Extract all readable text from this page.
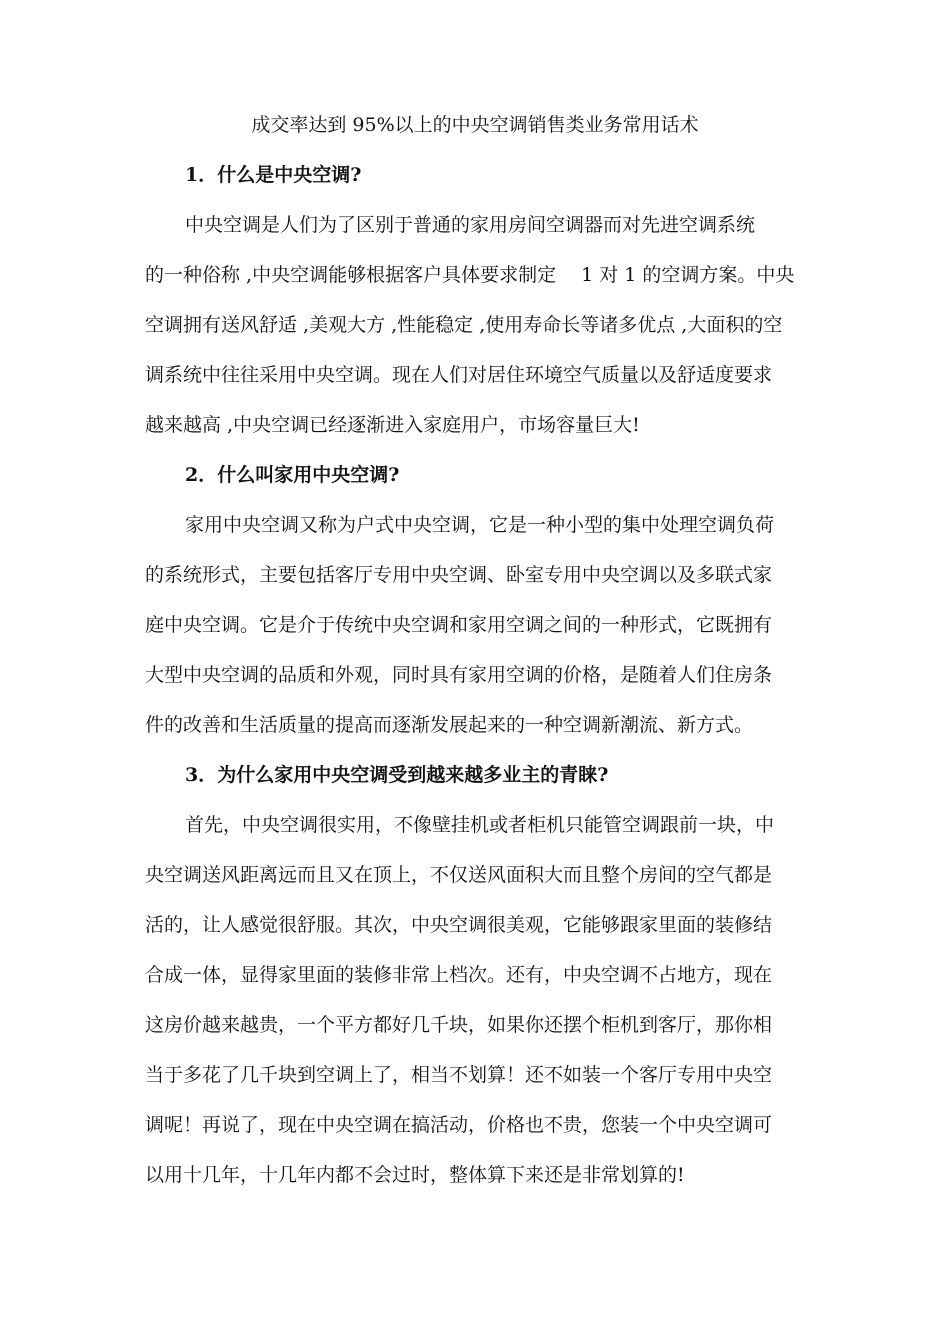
成交率达到 95%以上的中央空调销售类业务常用话术
1．什么是中央空调?
中央空调是人们为了区别于普通的家用房间空调器而对先进空调系统
的一种俗称 ,中央空调能够根据客户具体要求制定　 1 对 1 的空调方案。中央
空调拥有送风舒适 ,美观大方 ,性能稳定 ,使用寿命长等诸多优点 ,大面积的空
调系统中往往采用中央空调。现在人们对居住环境空气质量以及舒适度要求
越来越高 ,中央空调已经逐渐进入家庭用户，市场容量巨大!
2．什么叫家用中央空调?
家用中央空调又称为户式中央空调，它是一种小型的集中处理空调负荷
的系统形式，主要包括客厅专用中央空调、卧室专用中央空调以及多联式家
庭中央空调。它是介于传统中央空调和家用空调之间的一种形式，它既拥有
大型中央空调的品质和外观，同时具有家用空调的价格，是随着人们住房条
件的改善和生活质量的提高而逐渐发展起来的一种空调新潮流、新方式。
3．为什么家用中央空调受到越来越多业主的青睐?
首先，中央空调很实用，不像壁挂机或者柜机只能管空调跟前一块，中
央空调送风距离远而且又在顶上，不仅送风面积大而且整个房间的空气都是
活的，让人感觉很舒服。其次，中央空调很美观，它能够跟家里面的装修结
合成一体，显得家里面的装修非常上档次。还有，中央空调不占地方，现在
这房价越来越贵，一个平方都好几千块，如果你还摆个柜机到客厅，那你相
当于多花了几千块到空调上了，相当不划算！还不如装一个客厅专用中央空
调呢！再说了，现在中央空调在搞活动，价格也不贵，您装一个中央空调可
以用十几年，十几年内都不会过时，整体算下来还是非常划算的!
